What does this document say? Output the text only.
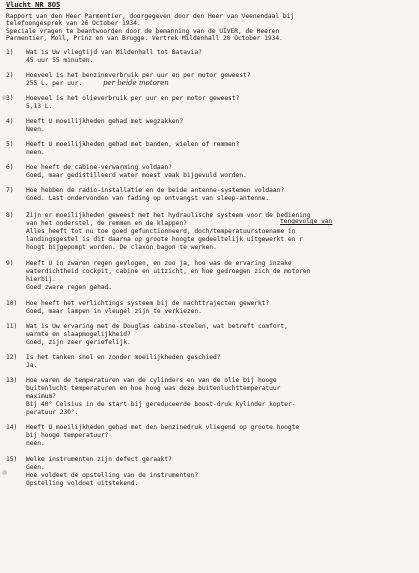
Vlucht NR 8O5
Rapport van den Heer Parmentier, doorgegeven door den Heer van Veenendaal bij
telefoongesprek van 26 October 1934.
Speciale vragen te beantwoorden door de bemanning van de UIVER, de Heeren
Parmentier, Moll, Prinz en van Brugge. Vertrek Mildenhall 20 October 1934.
1) Wat is Uw vliegtijd van Mildenhall tot Batavia?
45 uur 55 minuten.
2) Hoeveel is het benzineverbruik per uur en per motor geweest?
255 L. per uur.	per beide motoren
3) Hoeveel is het olieverbruik per uur en per motor geweest?
5,13 L.
4) Heeft U moeilijkheden gehad met wegzakken?
Neen.
5) Heeft U moeilijkheden gehad met banden, wielen of remmen?
neen.
6) Hoe heeft de cabine-verwarming voldaan?
Goed, maar gedistilleerd water moest vaak bijgevuld worden.
7) Hoe hebben de radio-installatie en de beide antenne-systemen voldaan?
Goed. Last ondervonden van fading op ontvangst van sleep-antenne.
8) Zijn er moeilijkheden geweest met het hydraulische systeem voor de bediening
van het onderstel, de remmen en de klappen?	tengevolge van
Alles heeft tot nu toe goed gefunctionneerd, doch/temperatuurstoename in
landingsgestel is dit daarna op groote hoogte gedeeltelijk uitgewerkt en r
hoogt bijgepompt worden. De claxon bagon te werken.
9) Heeft U in zwaren regen gevlogen, en zoo ja, hoe was de ervaring inzake
waterdichtheid cockpit, cabine en uitzicht, en hoe gedroegen zich de motoren
hierbij.
Goed zware regen gehad.
10) Hoe heeft het verlichtings systeem bij de nachttrajecten gewerkt?
Goed, maar lampen in vleugel zijn te verkiezen.
11) Wat is Uw ervaring met de Douglas cabine-stoelen, wat betreft comfort,
warmte en slaapmogelijkheid?
Goed, zijn zeer geriefelijk.
12) Is het tanken snel en zonder moeilijkheden geschied?
Ja.
13) Hoe waren de temperaturen van de cylinders en van de olie bij hooge
buitenlucht temperaturen en hoe hoog was deze buitenluchttemperatuur
maximum?
Bij 40° Celsius in de start bij gereduceerde boost-druk kylinder kopter-
peratuur 230°.
14) Heeft U moeilijkheden gehad met den benzinedruk vliegend op groote hoogte
bij hooge temperatuur?
neen.
15) Welke instrumenten zijn defect geraakt?
Geen.
Hoe voldeet de opstelling van de instrumenten?
Opstelling voldoet uitstekend.
